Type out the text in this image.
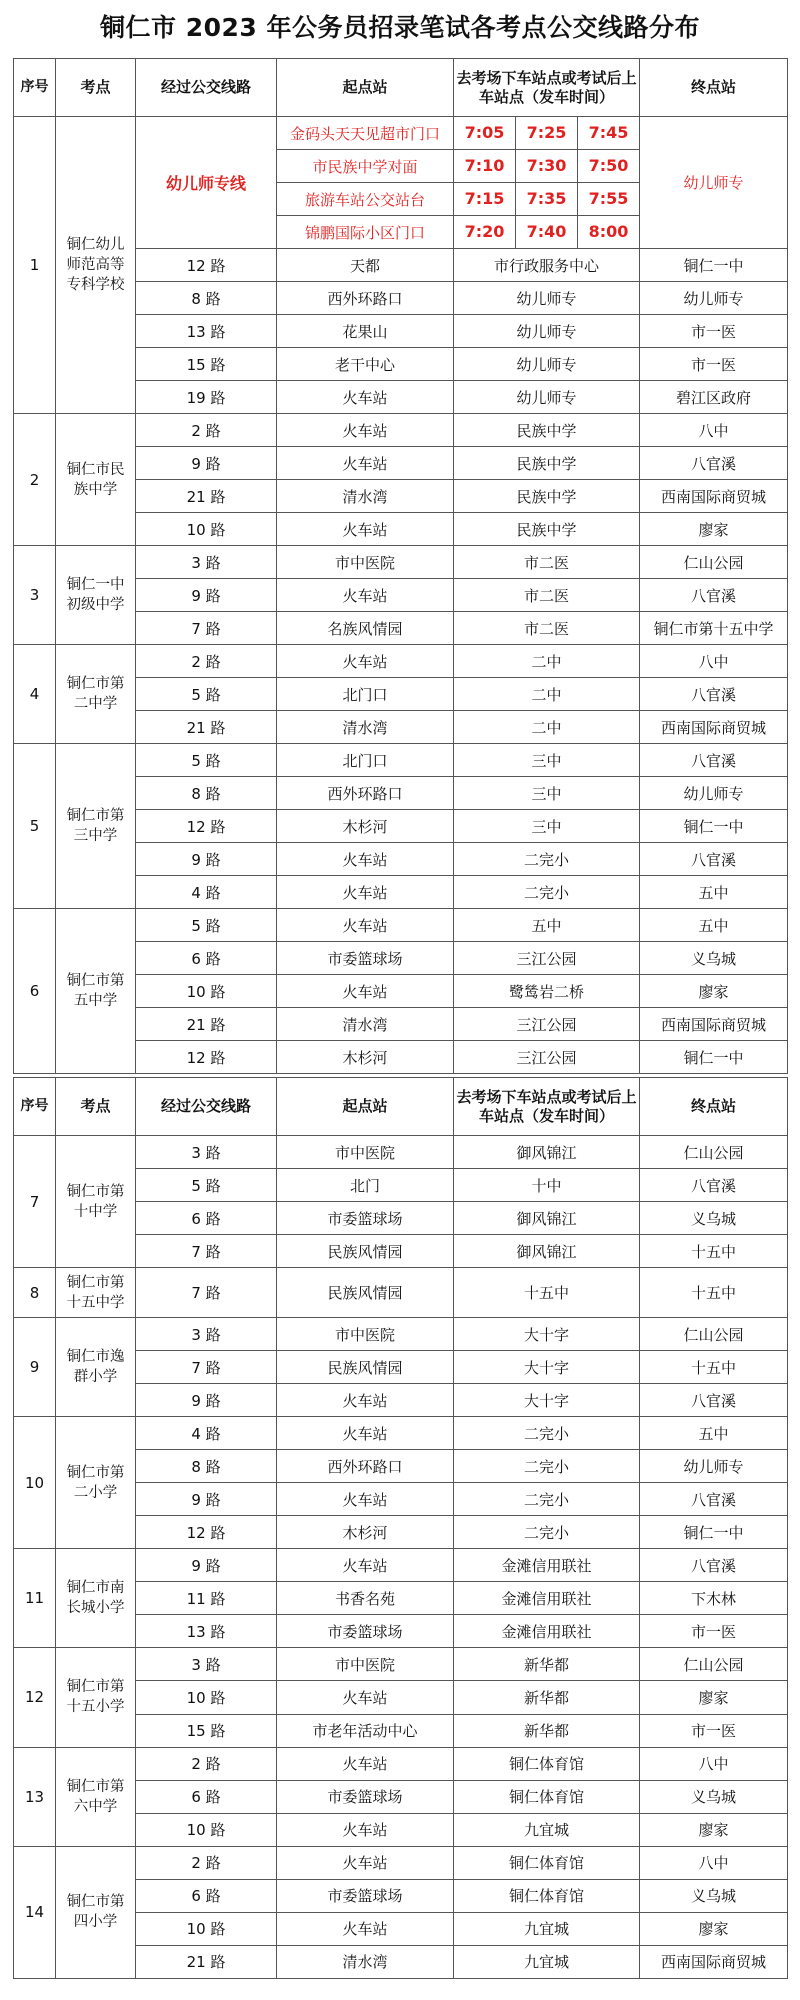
铜仁市 2023 年公务员招录笔试各考点公交线路分布
序号	考点	经过公交线路	起点站	去考场下车站点或考试后上车站点（发车时间）	终点站
1	铜仁幼儿师范高等专科学校	幼儿师专线	金码头天天见超市门口	7:05 7:25 7:45	幼儿师专
			市民族中学对面	7:10 7:30 7:50	

			旅游车站公交站台	7:15 7:35 7:55	

			锦鹏国际小区门口	7:20 7:40 8:00	

		12 路	天都	市行政服务中心	铜仁一中
		8 路	西外环路口	幼儿师专	幼儿师专
		13 路	花果山	幼儿师专	市一医
		15 路	老干中心	幼儿师专	市一医
		19 路	火车站	幼儿师专	碧江区政府
2	铜仁市民族中学	2 路	火车站	民族中学	八中
		9 路	火车站	民族中学	八官溪
		21 路	清水湾	民族中学	西南国际商贸城
		10 路	火车站	民族中学	廖家
3	铜仁一中初级中学	3 路	市中医院	市二医	仁山公园
		9 路	火车站	市二医	八官溪
		7 路	名族风情园	市二医	铜仁市第十五中学
4	铜仁市第二中学	2 路	火车站	二中	八中
		5 路	北门口	二中	八官溪
		21 路	清水湾	二中	西南国际商贸城
5	铜仁市第三中学	5 路	北门口	三中	八官溪
		8 路	西外环路口	三中	幼儿师专
		12 路	木杉河	三中	铜仁一中
		9 路	火车站	二完小	八官溪
		4 路	火车站	二完小	五中
6	铜仁市第五中学	5 路	火车站	五中	五中
		6 路	市委篮球场	三江公园	义乌城
		10 路	火车站	鹭鸶岩二桥	廖家
		21 路	清水湾	三江公园	西南国际商贸城
		12 路	木杉河	三江公园	铜仁一中
序号	考点	经过公交线路	起点站	去考场下车站点或考试后上车站点（发车时间）	终点站
7	铜仁市第十中学	3 路	市中医院	御风锦江	仁山公园
		5 路	北门	十中	八官溪
		6 路	市委篮球场	御风锦江	义乌城
		7 路	民族风情园	御风锦江	十五中
8	铜仁市第十五中学	7 路	民族风情园	十五中	十五中
9	铜仁市逸群小学	3 路	市中医院	大十字	仁山公园
		7 路	民族风情园	大十字	十五中
		9 路	火车站	大十字	八官溪
10	铜仁市第二小学	4 路	火车站	二完小	五中
		8 路	西外环路口	二完小	幼儿师专
		9 路	火车站	二完小	八官溪
		12 路	木杉河	二完小	铜仁一中
11	铜仁市南长城小学	9 路	火车站	金滩信用联社	八官溪
		11 路	书香名苑	金滩信用联社	下木林
		13 路	市委篮球场	金滩信用联社	市一医
12	铜仁市第十五小学	3 路	市中医院	新华都	仁山公园
		10 路	火车站	新华都	廖家
		15 路	市老年活动中心	新华都	市一医
13	铜仁市第六中学	2 路	火车站	铜仁体育馆	八中
		6 路	市委篮球场	铜仁体育馆	义乌城
		10 路	火车站	九宜城	廖家
14	铜仁市第四小学	2 路	火车站	铜仁体育馆	八中
		6 路	市委篮球场	铜仁体育馆	义乌城
		10 路	火车站	九宜城	廖家
		21 路	清水湾	九宜城	西南国际商贸城
